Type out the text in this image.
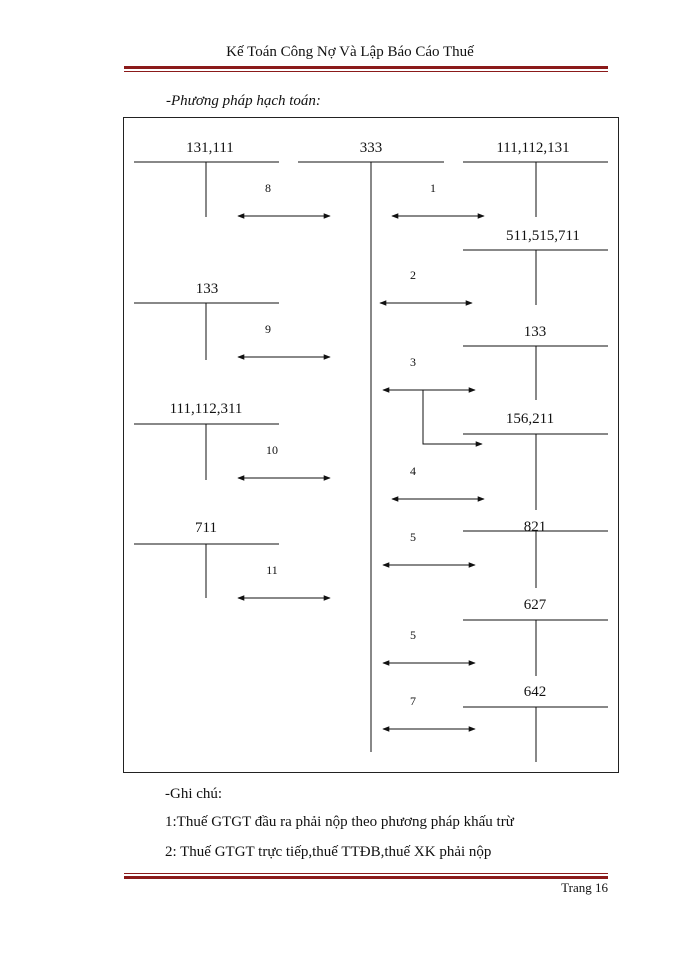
Kế Toán Công Nợ Và Lập Báo Cáo Thuế
-Phương pháp hạch toán:
131,111
133
111,112,311
711
333	111,112,131
511,515,711
133
156,211
821
627
642
8
9
10
11
1
2
3
4
5
5
7
-Ghi chú:
1:Thuế GTGT đầu ra phải nộp theo phương pháp khấu trừ
2: Thuế GTGT trực tiếp,thuế TTĐB,thuế XK phải nộp
Trang 16
